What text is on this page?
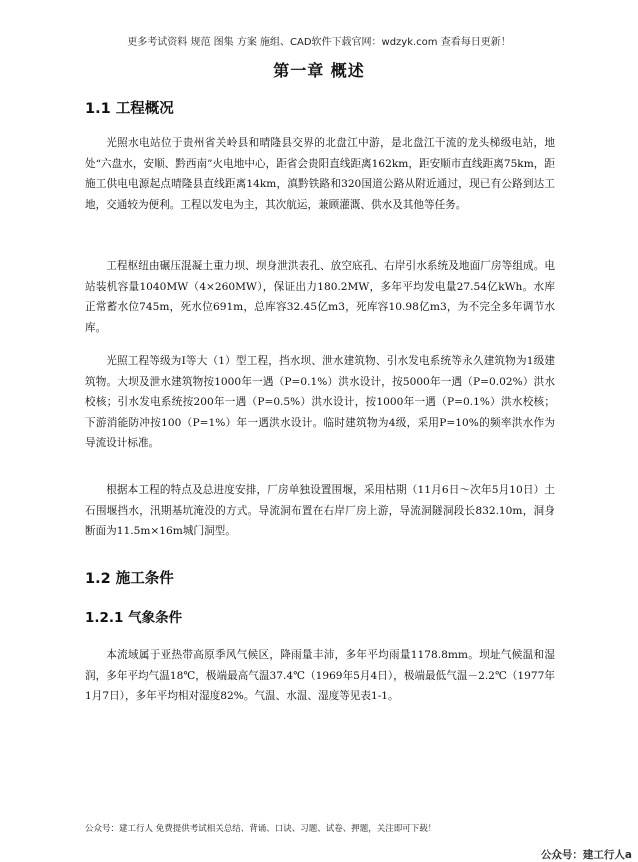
更多考试资料 规范 图集 方案 施组、CAD软件下载官网：wdzyk.com 查看每日更新！
第一章 概述
1.1 工程概况

光照水电站位于贵州省关岭县和晴隆县交界的北盘江中游，是北盘江干流的龙头梯级电站，地处“六盘水，安顺、黔西南”火电地中心，距省会贵阳直线距离162km，距安顺市直线距离75km，距施工供电电源起点晴隆县直线距离14km，滇黔铁路和320国道公路从附近通过，现已有公路到达工地，交通较为便利。工程以发电为主，其次航运，兼顾灌溉、供水及其他等任务。

工程枢纽由碾压混凝土重力坝、坝身泄洪表孔、放空底孔、右岸引水系统及地面厂房等组成。电站装机容量1040MW（4×260MW），保证出力180.2MW，多年平均发电量27.54亿kWh。水库正常蓄水位745m，死水位691m，总库容32.45亿m3，死库容10.98亿m3，为不完全多年调节水库。

光照工程等级为Ⅰ等大（1）型工程，挡水坝、泄水建筑物、引水发电系统等永久建筑物为1级建筑物。大坝及泄水建筑物按1000年一遇（P=0.1%）洪水设计，按5000年一遇（P=0.02%）洪水校核；引水发电系统按200年一遇（P=0.5%）洪水设计，按1000年一遇（P=0.1%）洪水校核；下游消能防冲按100（P=1%）年一遇洪水设计。临时建筑物为4级，采用P=10%的频率洪水作为导流设计标准。

根据本工程的特点及总进度安排，厂房单独设置围堰，采用枯期（11月6日～次年5月10日）土石围堰挡水，汛期基坑淹没的方式。导流洞布置在右岸厂房上游，导流洞隧洞段长832.10m，洞身断面为11.5m×16m城门洞型。

1.2 施工条件
1.2.1 气象条件

本流域属于亚热带高原季风气候区，降雨量丰沛，多年平均雨量1178.8mm。坝址气候温和湿润，多年平均气温18℃，极端最高气温37.4℃（1969年5月4日），极端最低气温－2.2℃（1977年1月7日），多年平均相对湿度82%。气温、水温、湿度等见表1-1。

公众号：建工行人 免费提供考试相关总结、背诵、口诀、习题、试卷、押题，关注即可下载！
公众号：建工行人a
